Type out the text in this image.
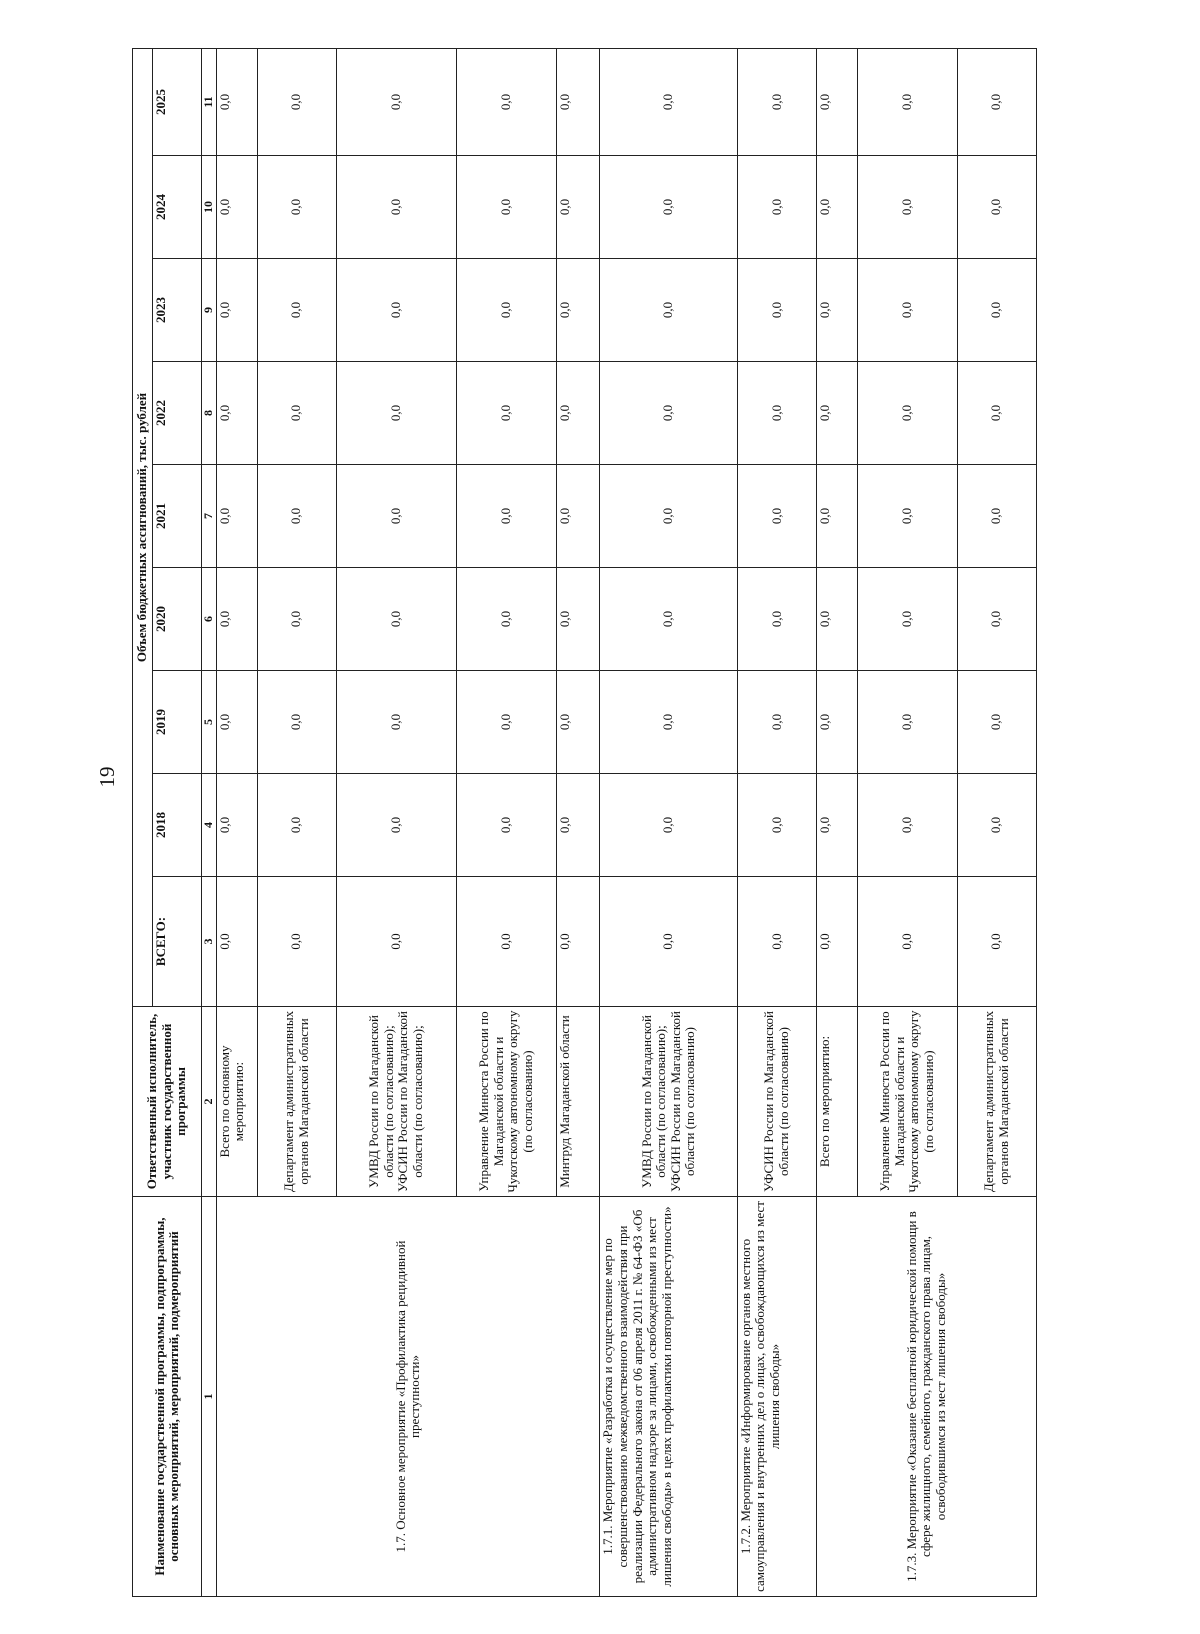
19
Наименование государственной программы, подпрограммы, основных мероприятий, мероприятий, подмероприятий	Ответственный исполнитель, участник государственной программы	Объем бюджетных ассигнований, тыс. рублей								
		ВСЕГО:	2018	2019	2020	2021	2022	2023	2024	2025
1	2	3	4	5	6	7	8	9	10	11
1.7. Основное мероприятие «Профилактика рецидивной преступности»	Всего по основному мероприятию:	0,0	0,0	0,0	0,0	0,0	0,0	0,0	0,0	0,0
	Департамент административных органов Магаданской области	0,0	0,0	0,0	0,0	0,0	0,0	0,0	0,0	0,0
	УМВД России по Магаданской области (по согласованию); УФСИН России по Магаданской области (по согласованию);	0,0	0,0	0,0	0,0	0,0	0,0	0,0	0,0	0,0
	Управление Минюста России по Магаданской области и Чукотскому автономному округу (по согласованию)	0,0	0,0	0,0	0,0	0,0	0,0	0,0	0,0	0,0
	Минтруд Магаданской области	0,0	0,0	0,0	0,0	0,0	0,0	0,0	0,0	0,0
1.7.1. Мероприятие «Разработка и осуществление мер по совершенствованию межведомственного взаимодействия при реализации Федерального закона от 06 апреля 2011 г. № 64-ФЗ «Об административном надзоре за лицами, освобожденными из мест лишения свободы» в целях профилактики повторной преступности»	УМВД России по Магаданской области (по согласованию); УФСИН России по Магаданской области (по согласованию)	0,0	0,0	0,0	0,0	0,0	0,0	0,0	0,0	0,0
1.7.2. Мероприятие «Информирование органов местного самоуправления и внутренних дел о лицах, освобождающихся из мест лишения свободы»	УФСИН России по Магаданской области (по согласованию)	0,0	0,0	0,0	0,0	0,0	0,0	0,0	0,0	0,0
1.7.3. Мероприятие «Оказание бесплатной юридической помощи в сфере жилищного, семейного, гражданского права лицам, освободившимся из мест лишения свободы»	Всего по мероприятию:	0,0	0,0	0,0	0,0	0,0	0,0	0,0	0,0	0,0
	Управление Минюста России по Магаданской области и Чукотскому автономному округу (по согласованию)	0,0	0,0	0,0	0,0	0,0	0,0	0,0	0,0	0,0
	Департамент административных органов Магаданской области	0,0	0,0	0,0	0,0	0,0	0,0	0,0	0,0	0,0
